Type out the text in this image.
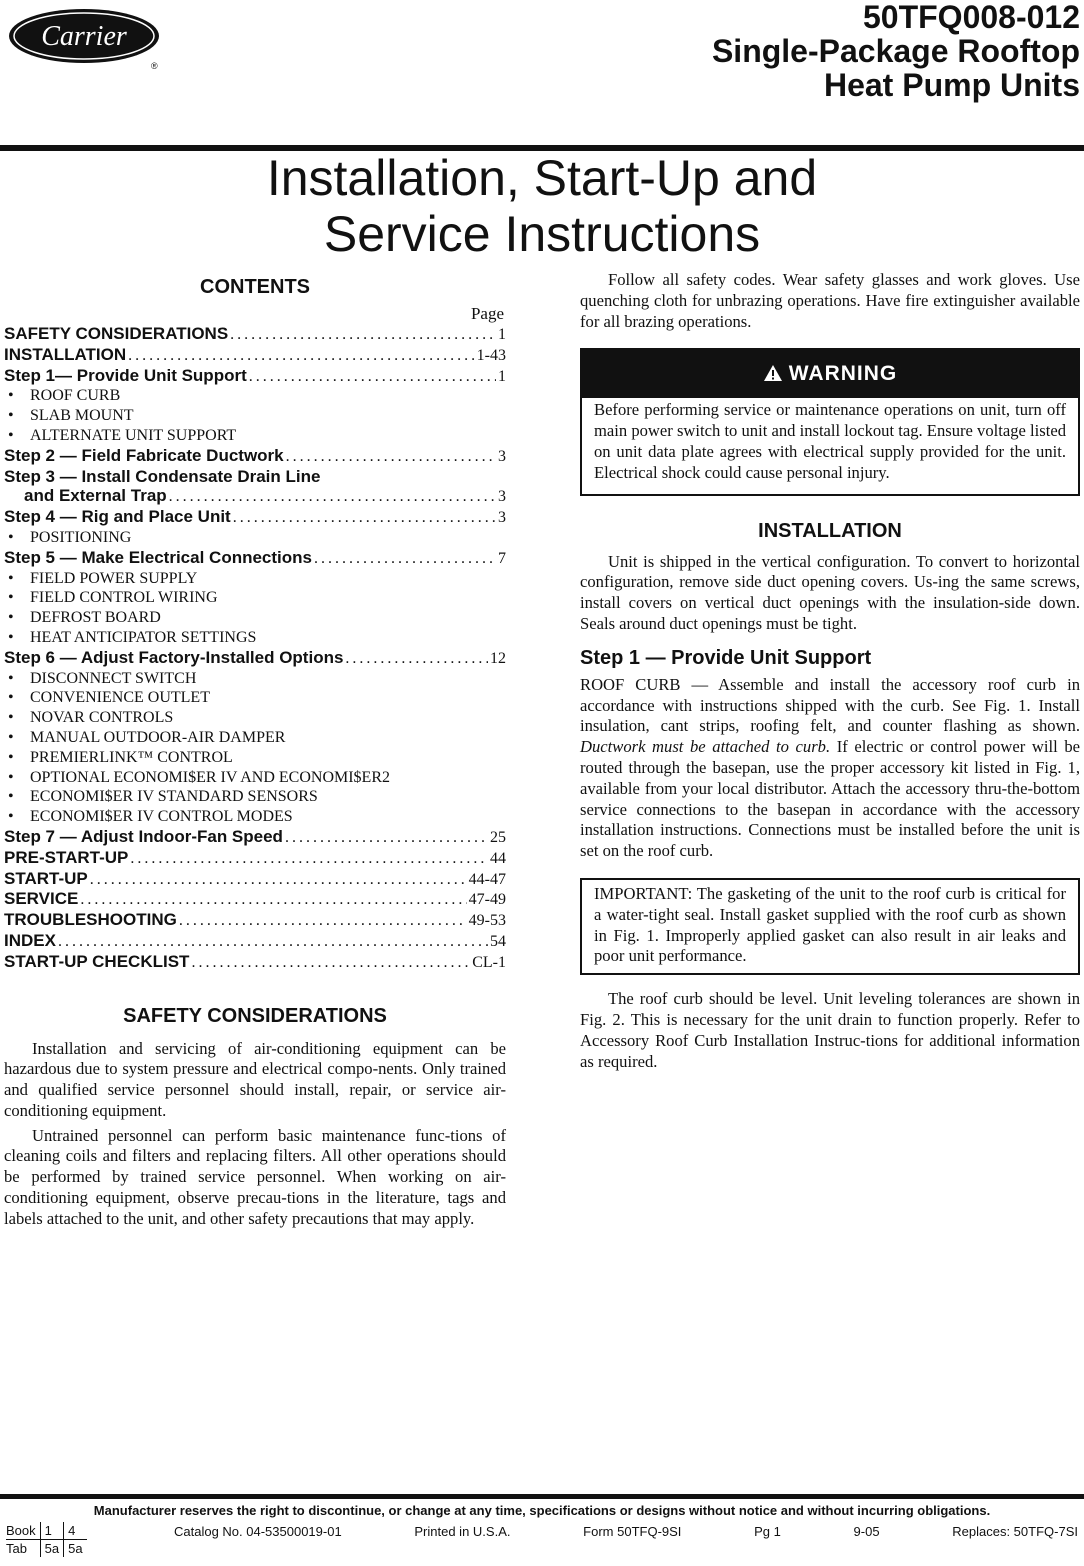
Carrier
®
50TFQ008-012
Single-Package Rooftop
Heat Pump Units
Installation, Start-Up and
Service Instructions
CONTENTS
Page
SAFETY CONSIDERATIONS .....	1
INSTALLATION .....	1-43
Step 1— Provide Unit Support .....	1
• ROOF CURB
• SLAB MOUNT
• ALTERNATE UNIT SUPPORT
Step 2 — Field Fabricate Ductwork .....	3
Step 3 — Install Condensate Drain Line
and External Trap .....	3
Step 4 — Rig and Place Unit .....	3
• POSITIONING
Step 5 — Make Electrical Connections .....	7
• FIELD POWER SUPPLY
• FIELD CONTROL WIRING
• DEFROST BOARD
• HEAT ANTICIPATOR SETTINGS
Step 6 — Adjust Factory-Installed Options .....	12
• DISCONNECT SWITCH
• CONVENIENCE OUTLET
• NOVAR CONTROLS
• MANUAL OUTDOOR-AIR DAMPER
• PREMIERLINK™ CONTROL
• OPTIONAL ECONOMI$ER IV AND ECONOMI$ER2
• ECONOMI$ER IV STANDARD SENSORS
• ECONOMI$ER IV CONTROL MODES
Step 7 — Adjust Indoor-Fan Speed .....	25
PRE-START-UP .....	44
START-UP .....	44-47
SERVICE .....	47-49
TROUBLESHOOTING .....	49-53
INDEX .....	54
START-UP CHECKLIST .....	CL-1
SAFETY CONSIDERATIONS

Installation and servicing of air-conditioning equipment can be hazardous due to system pressure and electrical compo-nents. Only trained and qualified service personnel should install, repair, or service air-conditioning equipment.

Untrained personnel can perform basic maintenance func-tions of cleaning coils and filters and replacing filters. All other operations should be performed by trained service personnel. When working on air-conditioning equipment, observe precau-tions in the literature, tags and labels attached to the unit, and other safety precautions that may apply.

Follow all safety codes. Wear safety glasses and work gloves. Use quenching cloth for unbrazing operations. Have fire extinguisher available for all brazing operations.

WARNING
Before performing service or maintenance operations on unit, turn off main power switch to unit and install lockout tag. Ensure voltage listed on unit data plate agrees with electrical supply provided for the unit. Electrical shock could cause personal injury.
INSTALLATION

Unit is shipped in the vertical configuration. To convert to horizontal configuration, remove side duct opening covers. Us-ing the same screws, install covers on vertical duct openings with the insulation-side down. Seals around duct openings must be tight.

Step 1 — Provide Unit Support

ROOF CURB — Assemble and install the accessory roof curb in accordance with instructions shipped with the curb. See Fig. 1. Install insulation, cant strips, roofing felt, and counter flashing as shown. Ductwork must be attached to curb. If electric or control power will be routed through the basepan, use the proper accessory kit listed in Fig. 1, available from your local distributor. Attach the accessory thru-the-bottom service connections to the basepan in accordance with the accessory installation instructions. Connections must be installed before the unit is set on the roof curb.

IMPORTANT: The gasketing of the unit to the roof curb is critical for a water-tight seal. Install gasket supplied with the roof curb as shown in Fig. 1. Improperly applied gasket can also result in air leaks and poor unit performance.

The roof curb should be level. Unit leveling tolerances are shown in Fig. 2. This is necessary for the unit drain to function properly. Refer to Accessory Roof Curb Installation Instruc-tions for additional information as required.

Manufacturer reserves the right to discontinue, or change at any time, specifications or designs without notice and without incurring obligations.
Book	1	4
Tab	5a	5a
Catalog No. 04-53500019-01	Printed in U.S.A.	Form 50TFQ-9SI	Pg 1	9-05	Replaces: 50TFQ-7SI
